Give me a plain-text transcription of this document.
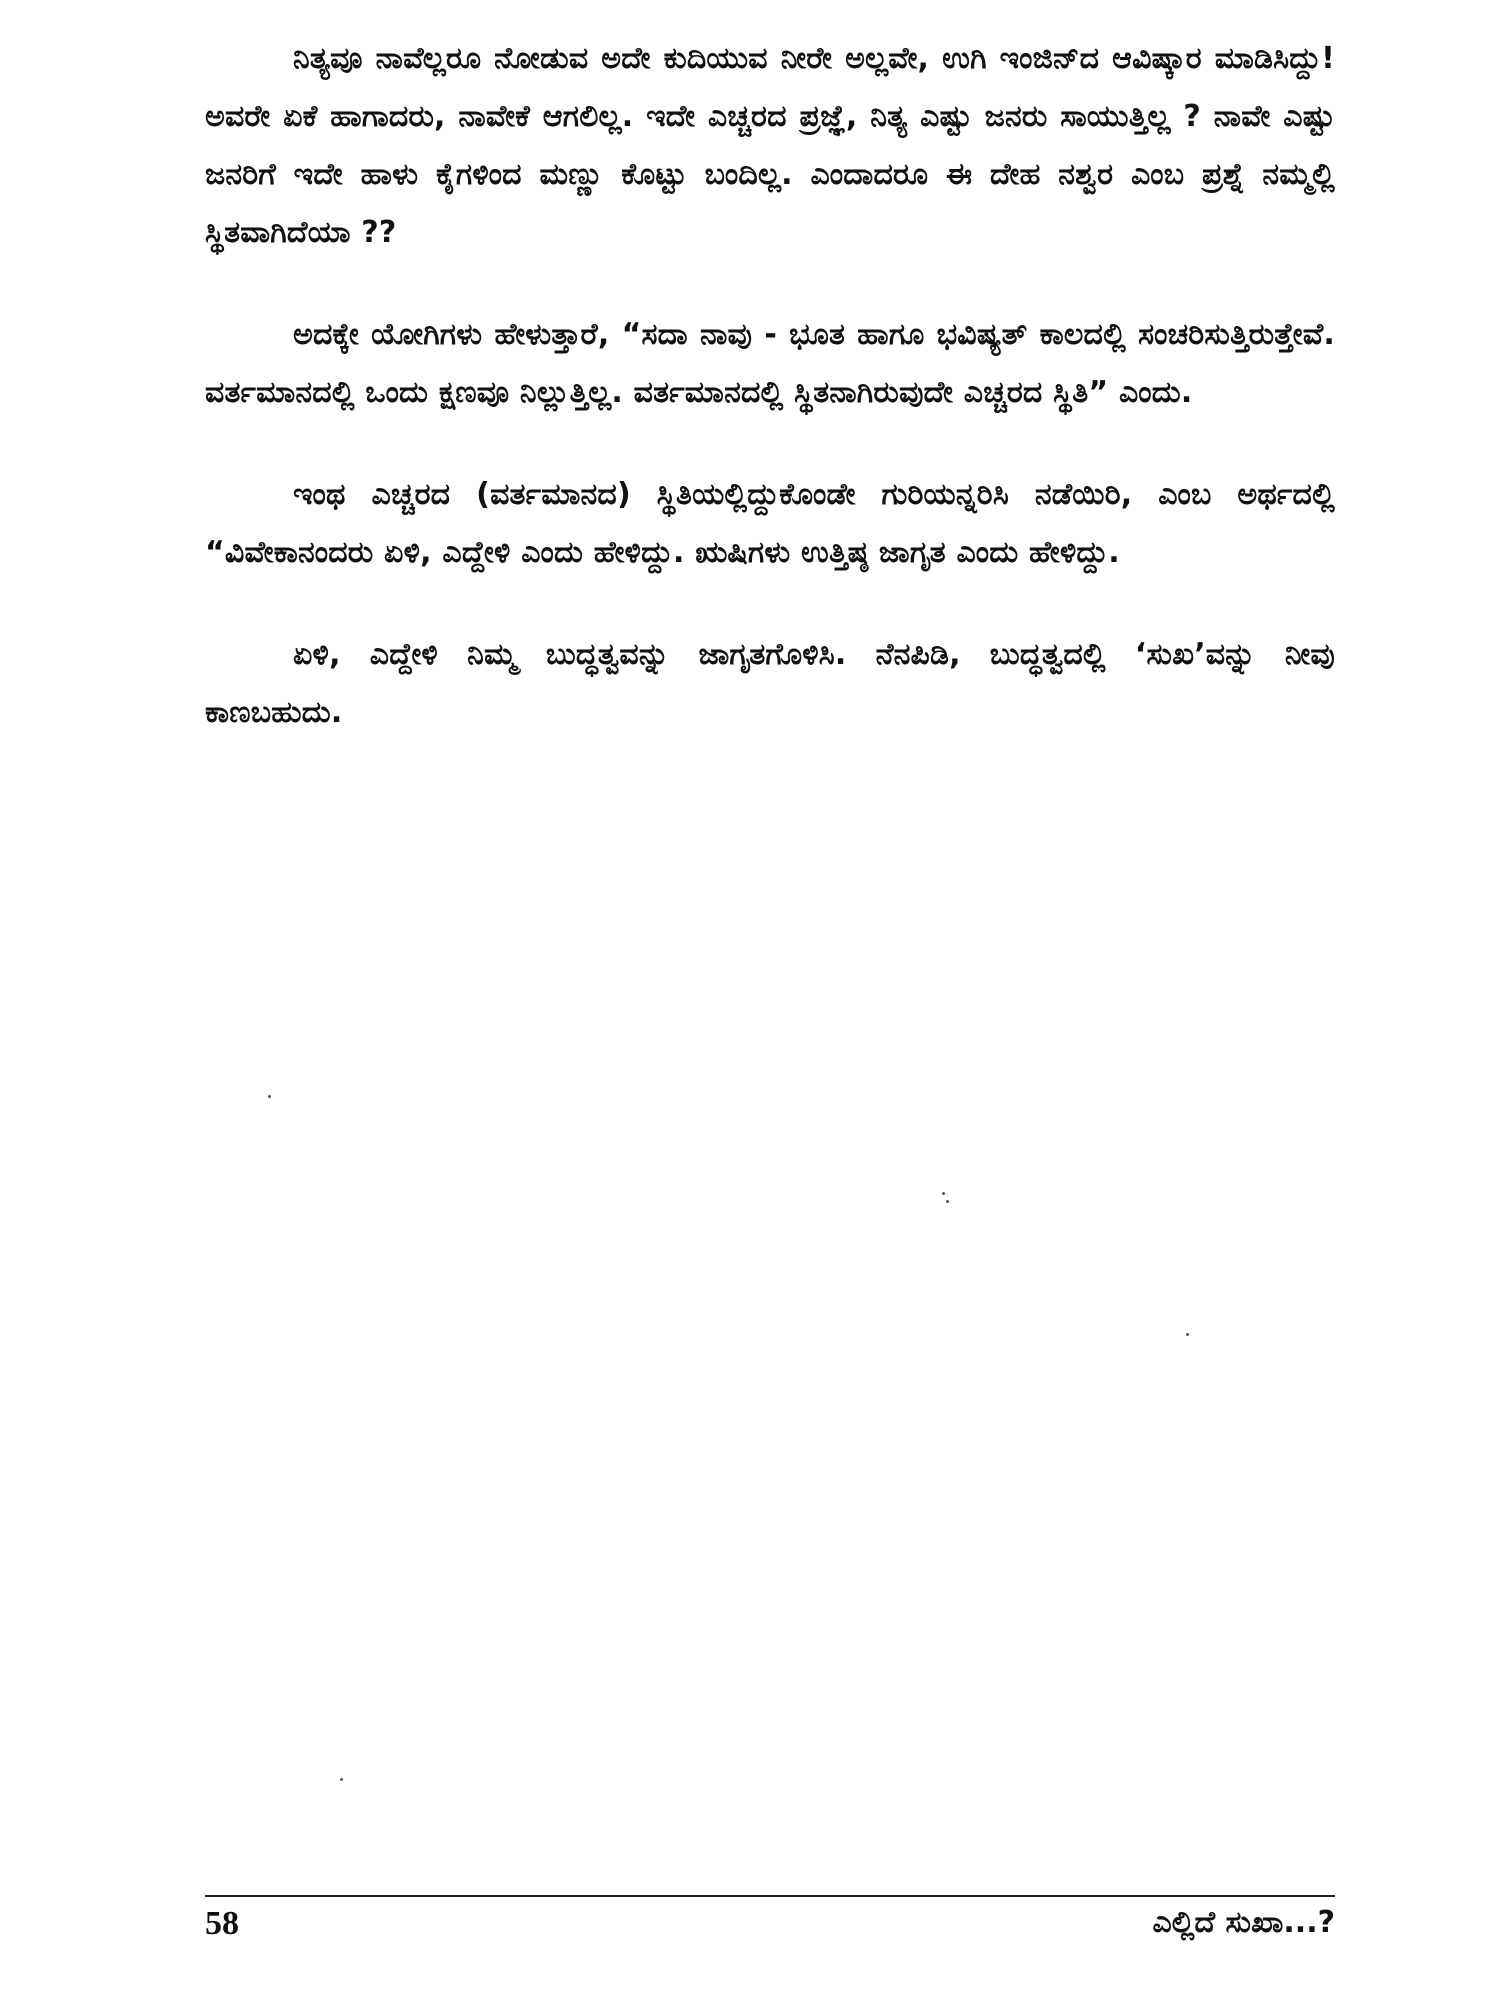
ನಿತ್ಯವೂ ನಾವೆಲ್ಲರೂ ನೋಡುವ ಅದೇ ಕುದಿಯುವ ನೀರೇ ಅಲ್ಲವೇ, ಉಗಿ ಇಂಜಿನ್‌ದ ಆವಿಷ್ಕಾರ ಮಾಡಿಸಿದ್ದು! ಅವರೇ ಏಕೆ ಹಾಗಾದರು, ನಾವೇಕೆ ಆಗಲಿಲ್ಲ. ಇದೇ ಎಚ್ಚರದ ಪ್ರಜ್ಞೆ, ನಿತ್ಯ ಎಷ್ಟು ಜನರು ಸಾಯುತ್ತಿಲ್ಲ ? ನಾವೇ ಎಷ್ಟು ಜನರಿಗೆ ಇದೇ ಹಾಳು ಕೈಗಳಿಂದ ಮಣ್ಣು ಕೊಟ್ಟು ಬಂದಿಲ್ಲ. ಎಂದಾದರೂ ಈ ದೇಹ ನಶ್ವರ ಎಂಬ ಪ್ರಶ್ನೆ ನಮ್ಮಲ್ಲಿ ಸ್ಥಿತವಾಗಿದೆಯಾ ??

ಅದಕ್ಕೇ ಯೋಗಿಗಳು ಹೇಳುತ್ತಾರೆ, “ಸದಾ ನಾವು - ಭೂತ ಹಾಗೂ ಭವಿಷ್ಯತ್ ಕಾಲದಲ್ಲಿ ಸಂಚರಿಸುತ್ತಿರುತ್ತೇವೆ. ವರ್ತಮಾನದಲ್ಲಿ ಒಂದು ಕ್ಷಣವೂ ನಿಲ್ಲುತ್ತಿಲ್ಲ. ವರ್ತಮಾನದಲ್ಲಿ ಸ್ಥಿತನಾಗಿರುವುದೇ ಎಚ್ಚರದ ಸ್ಥಿತಿ” ಎಂದು.

ಇಂಥ ಎಚ್ಚರದ (ವರ್ತಮಾನದ) ಸ್ಥಿತಿಯಲ್ಲಿದ್ದುಕೊಂಡೇ ಗುರಿಯನ್ನರಿಸಿ ನಡೆಯಿರಿ, ಎಂಬ ಅರ್ಥದಲ್ಲಿ “ವಿವೇಕಾನಂದರು ಏಳಿ, ಎದ್ದೇಳಿ ಎಂದು ಹೇಳಿದ್ದು. ಋಷಿಗಳು ಉತ್ತಿಷ್ಠ ಜಾಗೃತ ಎಂದು ಹೇಳಿದ್ದು.

ಏಳಿ, ಎದ್ದೇಳಿ ನಿಮ್ಮ ಬುದ್ಧತ್ವವನ್ನು ಜಾಗೃತಗೊಳಿಸಿ. ನೆನಪಿಡಿ, ಬುದ್ಧತ್ವದಲ್ಲಿ ‘ಸುಖ’ವನ್ನು ನೀವು ಕಾಣಬಹುದು.

58	ಎಲ್ಲಿದೆ ಸುಖಾ...?
